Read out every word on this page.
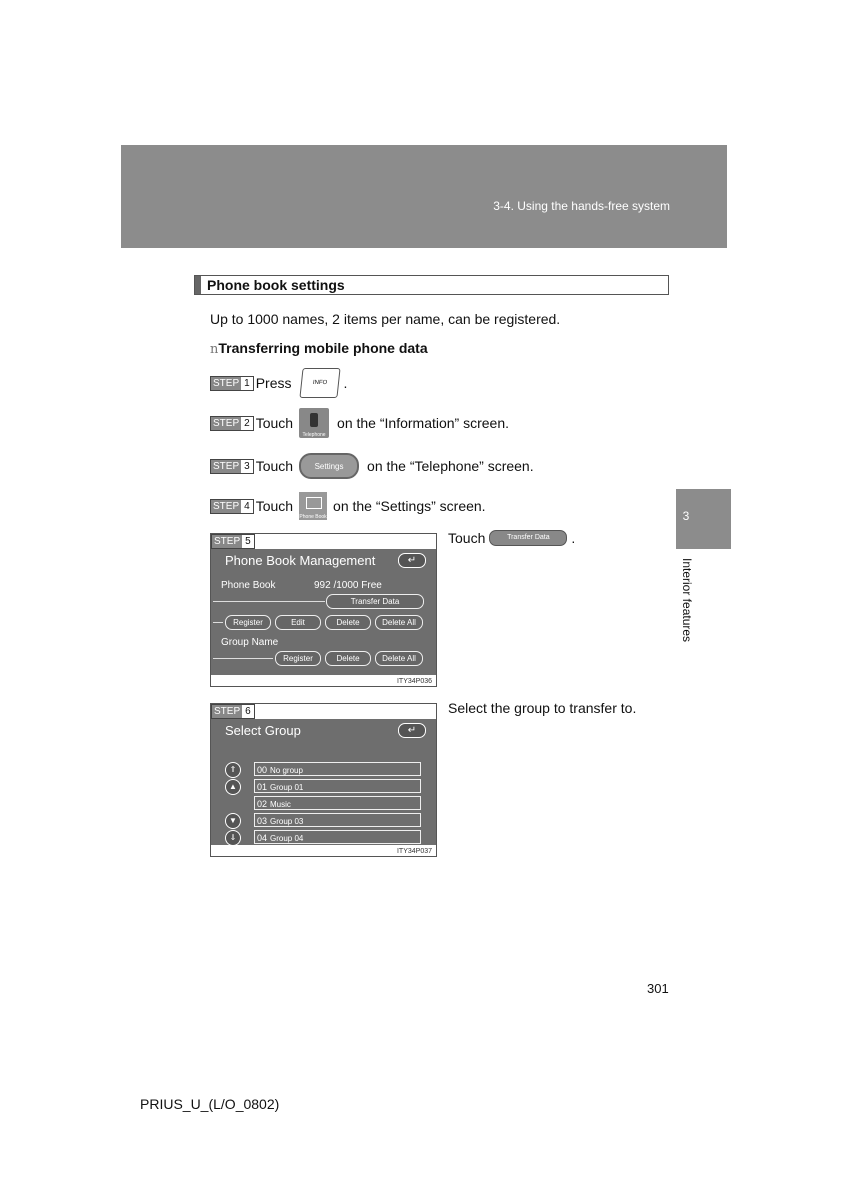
3-4. Using the hands-free system
3
Interior features
Phone book settings
Up to 1000 names, 2 items per name, can be registered.
nTransferring mobile phone data
STEP 1 Press	INFO	.
STEP 2 Touch
Telephone
on the “Information” screen.
STEP 3 Touch	Settings	on the “Telephone” screen.
STEP 4 Touch
Phone Book
on the “Settings” screen.
Touch	Transfer Data	.
STEP 5
Phone Book Management	↵
Phone Book	992 /1000 Free
Transfer Data
Register	Edit	Delete	Delete All
Group Name
Register	Delete	Delete All
ITY34P036
Select the group to transfer to.
STEP 6
Select Group	↵
⇑
▲
▼
⇓
00 No group
01 Group 01
02 Music
03 Group 03
04 Group 04
ITY34P037
301
PRIUS_U_(L/O_0802)
